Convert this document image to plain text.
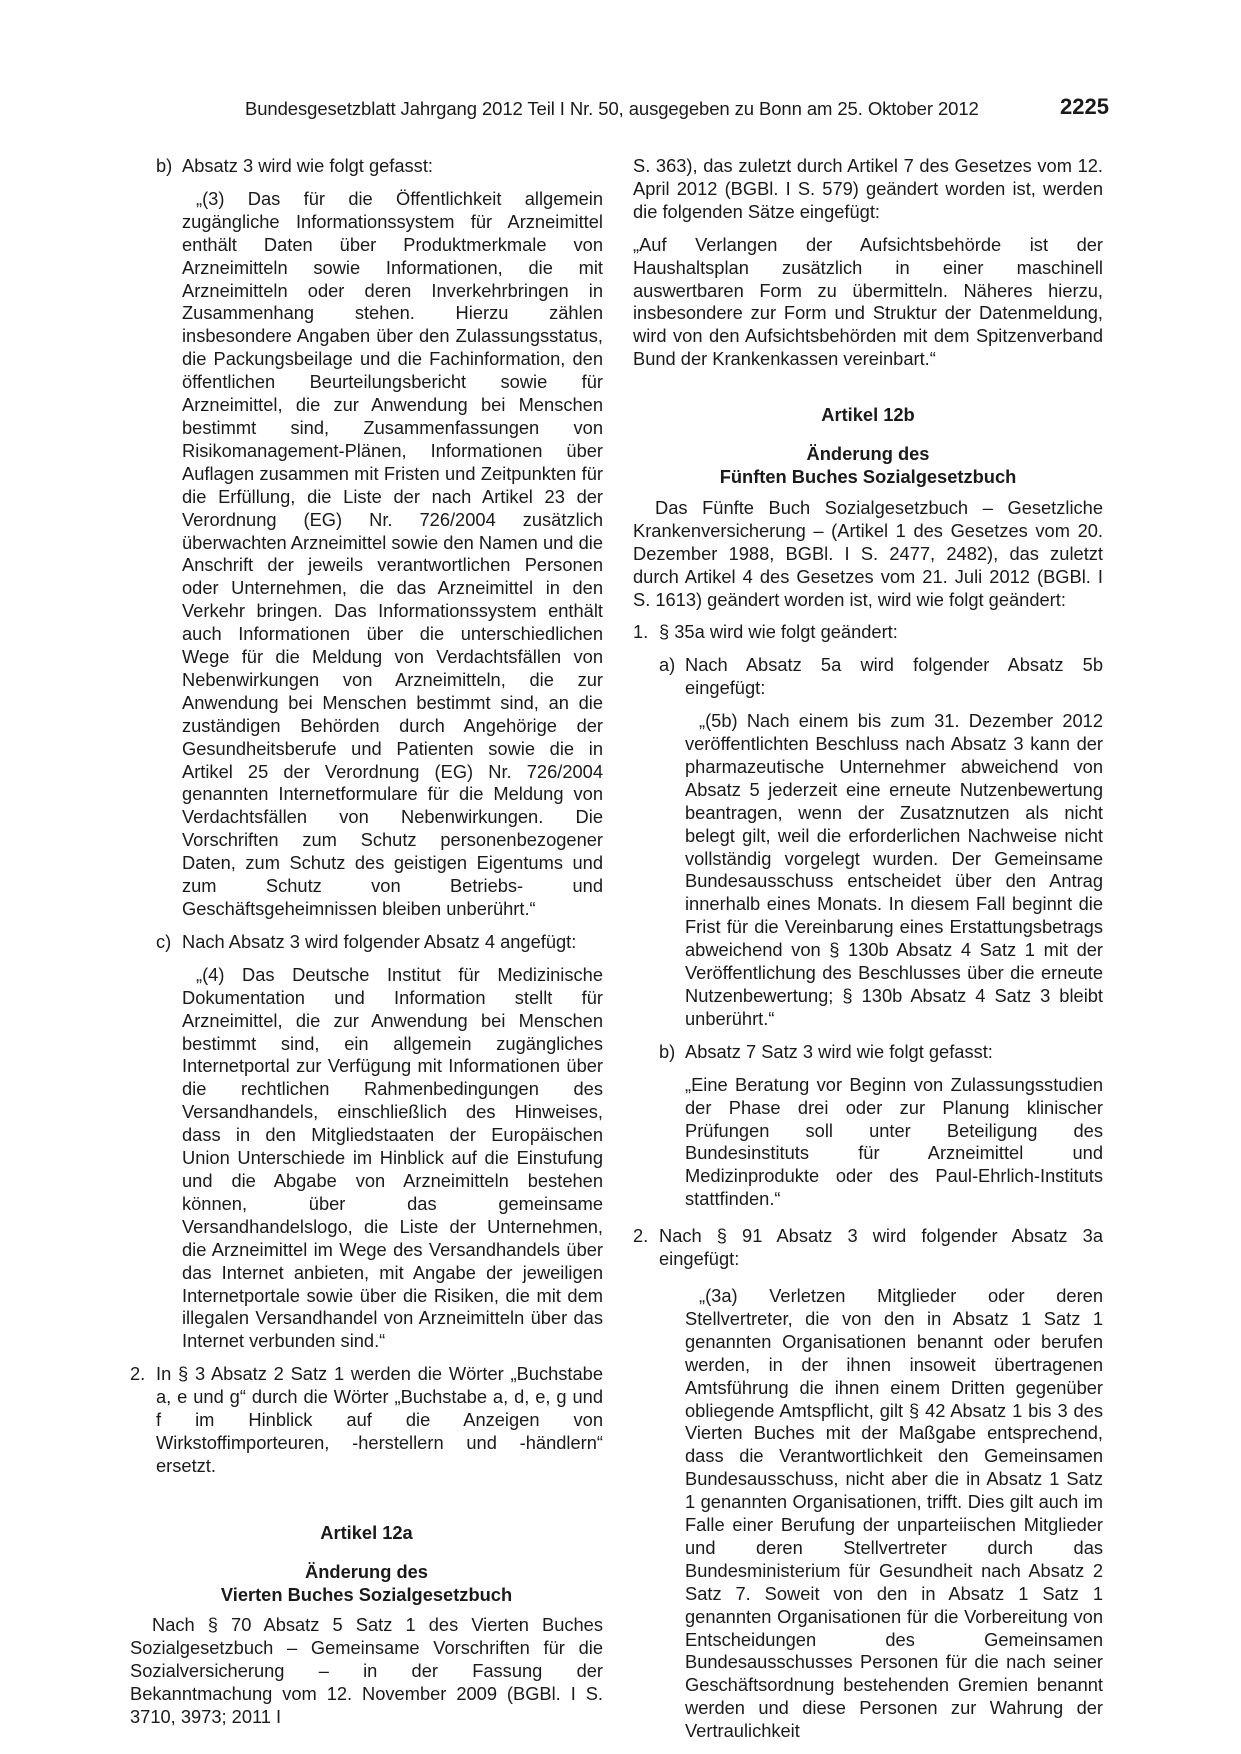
Bundesgesetzblatt Jahrgang 2012 Teil I Nr. 50, ausgegeben zu Bonn am 25. Oktober 2012	2225
b) Absatz 3 wird wie folgt gefasst:

„(3) Das für die Öffentlichkeit allgemein zugängliche Informationssystem für Arzneimittel enthält Daten über Produktmerkmale von Arzneimitteln sowie Informationen, die mit Arzneimitteln oder deren Inverkehrbringen in Zusammenhang stehen. Hierzu zählen insbesondere Angaben über den Zulassungsstatus, die Packungsbeilage und die Fachinformation, den öffentlichen Beurteilungsbericht sowie für Arzneimittel, die zur Anwendung bei Menschen bestimmt sind, Zusammenfassungen von Risikomanagement-Plänen, Informationen über Auflagen zusammen mit Fristen und Zeitpunkten für die Erfüllung, die Liste der nach Artikel 23 der Verordnung (EG) Nr. 726/2004 zusätzlich überwachten Arzneimittel sowie den Namen und die Anschrift der jeweils verantwortlichen Personen oder Unternehmen, die das Arzneimittel in den Verkehr bringen. Das Informationssystem enthält auch Informationen über die unterschiedlichen Wege für die Meldung von Verdachtsfällen von Nebenwirkungen von Arzneimitteln, die zur Anwendung bei Menschen bestimmt sind, an die zuständigen Behörden durch Angehörige der Gesundheitsberufe und Patienten sowie die in Artikel 25 der Verordnung (EG) Nr. 726/2004 genannten Internetformulare für die Meldung von Verdachtsfällen von Nebenwirkungen. Die Vorschriften zum Schutz personenbezogener Daten, zum Schutz des geistigen Eigentums und zum Schutz von Betriebs- und Geschäftsgeheimnissen bleiben unberührt.“

c) Nach Absatz 3 wird folgender Absatz 4 angefügt:

„(4) Das Deutsche Institut für Medizinische Dokumentation und Information stellt für Arzneimittel, die zur Anwendung bei Menschen bestimmt sind, ein allgemein zugängliches Internetportal zur Verfügung mit Informationen über die rechtlichen Rahmenbedingungen des Versandhandels, einschließlich des Hinweises, dass in den Mitgliedstaaten der Europäischen Union Unterschiede im Hinblick auf die Einstufung und die Abgabe von Arzneimitteln bestehen können, über das gemeinsame Versandhandelslogo, die Liste der Unternehmen, die Arzneimittel im Wege des Versandhandels über das Internet anbieten, mit Angabe der jeweiligen Internetportale sowie über die Risiken, die mit dem illegalen Versandhandel von Arzneimitteln über das Internet verbunden sind.“

2. In § 3 Absatz 2 Satz 1 werden die Wörter „Buchstabe a, e und g“ durch die Wörter „Buchstabe a, d, e, g und f im Hinblick auf die Anzeigen von Wirkstoffimporteuren, -herstellern und -händlern“ ersetzt.

Artikel 12a

Änderung des

Vierten Buches Sozialgesetzbuch

Nach § 70 Absatz 5 Satz 1 des Vierten Buches Sozialgesetzbuch – Gemeinsame Vorschriften für die Sozialversicherung – in der Fassung der Bekanntmachung vom 12. November 2009 (BGBl. I S. 3710, 3973; 2011 I

S. 363), das zuletzt durch Artikel 7 des Gesetzes vom 12. April 2012 (BGBl. I S. 579) geändert worden ist, werden die folgenden Sätze eingefügt:

„Auf Verlangen der Aufsichtsbehörde ist der Haushaltsplan zusätzlich in einer maschinell auswertbaren Form zu übermitteln. Näheres hierzu, insbesondere zur Form und Struktur der Datenmeldung, wird von den Aufsichtsbehörden mit dem Spitzenverband Bund der Krankenkassen vereinbart.“

Artikel 12b

Änderung des

Fünften Buches Sozialgesetzbuch

Das Fünfte Buch Sozialgesetzbuch – Gesetzliche Krankenversicherung – (Artikel 1 des Gesetzes vom 20. Dezember 1988, BGBl. I S. 2477, 2482), das zuletzt durch Artikel 4 des Gesetzes vom 21. Juli 2012 (BGBl. I S. 1613) geändert worden ist, wird wie folgt geändert:

1. § 35a wird wie folgt geändert:
a) Nach Absatz 5a wird folgender Absatz 5b eingefügt:

„(5b) Nach einem bis zum 31. Dezember 2012 veröffentlichten Beschluss nach Absatz 3 kann der pharmazeutische Unternehmer abweichend von Absatz 5 jederzeit eine erneute Nutzenbewertung beantragen, wenn der Zusatznutzen als nicht belegt gilt, weil die erforderlichen Nachweise nicht vollständig vorgelegt wurden. Der Gemeinsame Bundesausschuss entscheidet über den Antrag innerhalb eines Monats. In diesem Fall beginnt die Frist für die Vereinbarung eines Erstattungsbetrags abweichend von § 130b Absatz 4 Satz 1 mit der Veröffentlichung des Beschlusses über die erneute Nutzenbewertung; § 130b Absatz 4 Satz 3 bleibt unberührt.“

b) Absatz 7 Satz 3 wird wie folgt gefasst:

„Eine Beratung vor Beginn von Zulassungsstudien der Phase drei oder zur Planung klinischer Prüfungen soll unter Beteiligung des Bundesinstituts für Arzneimittel und Medizinprodukte oder des Paul-Ehrlich-Instituts stattfinden.“

2. Nach § 91 Absatz 3 wird folgender Absatz 3a eingefügt:

„(3a) Verletzen Mitglieder oder deren Stellvertreter, die von den in Absatz 1 Satz 1 genannten Organisationen benannt oder berufen werden, in der ihnen insoweit übertragenen Amtsführung die ihnen einem Dritten gegenüber obliegende Amtspflicht, gilt § 42 Absatz 1 bis 3 des Vierten Buches mit der Maßgabe entsprechend, dass die Verantwortlichkeit den Gemeinsamen Bundesausschuss, nicht aber die in Absatz 1 Satz 1 genannten Organisationen, trifft. Dies gilt auch im Falle einer Berufung der unparteiischen Mitglieder und deren Stellvertreter durch das Bundesministerium für Gesundheit nach Absatz 2 Satz 7. Soweit von den in Absatz 1 Satz 1 genannten Organisationen für die Vorbereitung von Entscheidungen des Gemeinsamen Bundesausschusses Personen für die nach seiner Geschäftsordnung bestehenden Gremien benannt werden und diese Personen zur Wahrung der Vertraulichkeit
